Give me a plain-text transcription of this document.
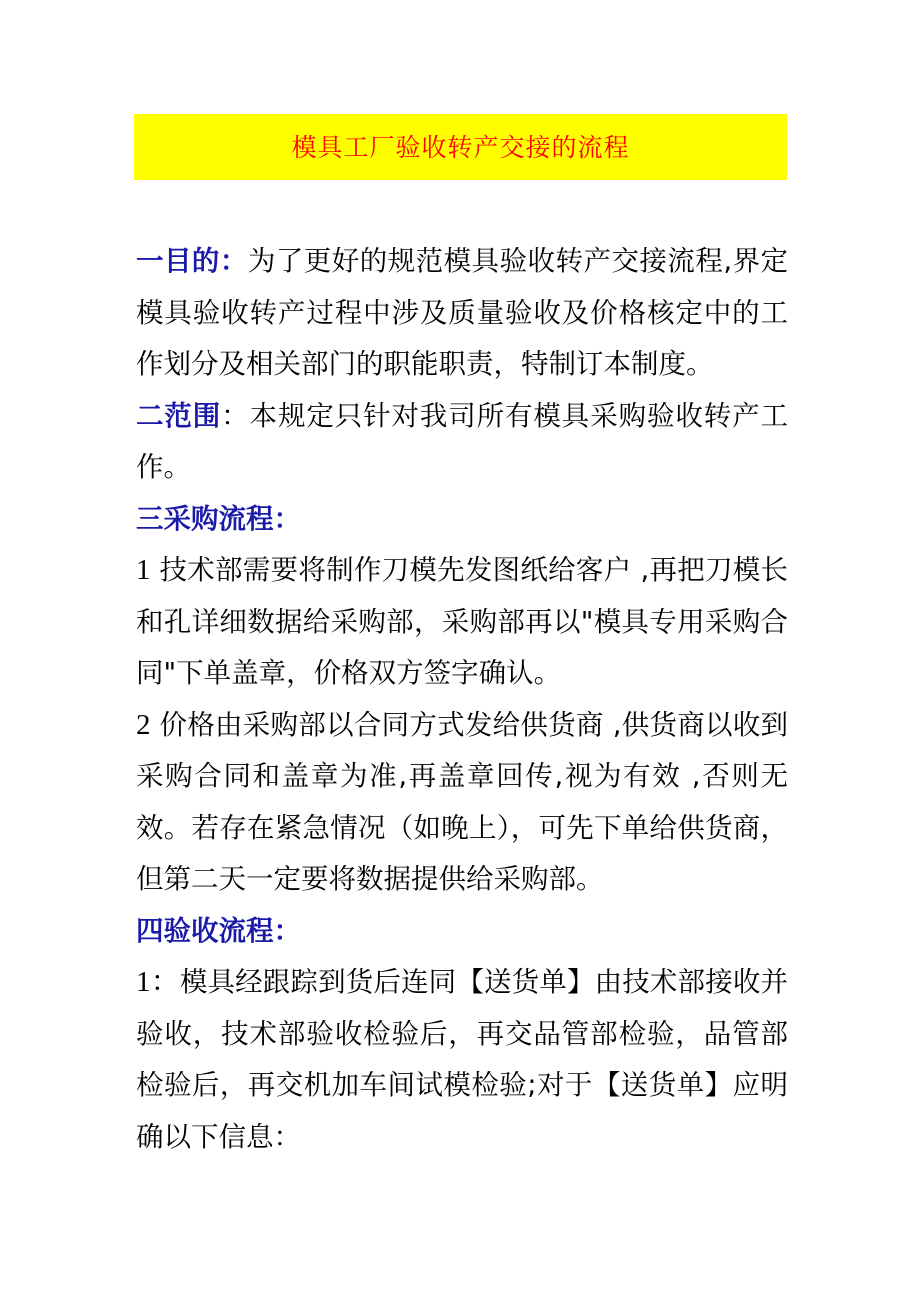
模具工厂验收转产交接的流程

一目的：为了更好的规范模具验收转产交接流程,界定模具验收转产过程中涉及质量验收及价格核定中的工作划分及相关部门的职能职责，特制订本制度。

二范围：本规定只针对我司所有模具采购验收转产工作。

三采购流程：

1 技术部需要将制作刀模先发图纸给客户 ,再把刀模长和孔详细数据给采购部，采购部再以"模具专用采购合同"下单盖章，价格双方签字确认。

2 价格由采购部以合同方式发给供货商 ,供货商以收到采购合同和盖章为准,再盖章回传,视为有效 ,否则无效。若存在紧急情况（如晚上），可先下单给供货商，但第二天一定要将数据提供给采购部。

四验收流程：

1：模具经跟踪到货后连同【送货单】由技术部接收并验收，技术部验收检验后，再交品管部检验，品管部检验后，再交机加车间试模检验;对于【送货单】应明确以下信息：
